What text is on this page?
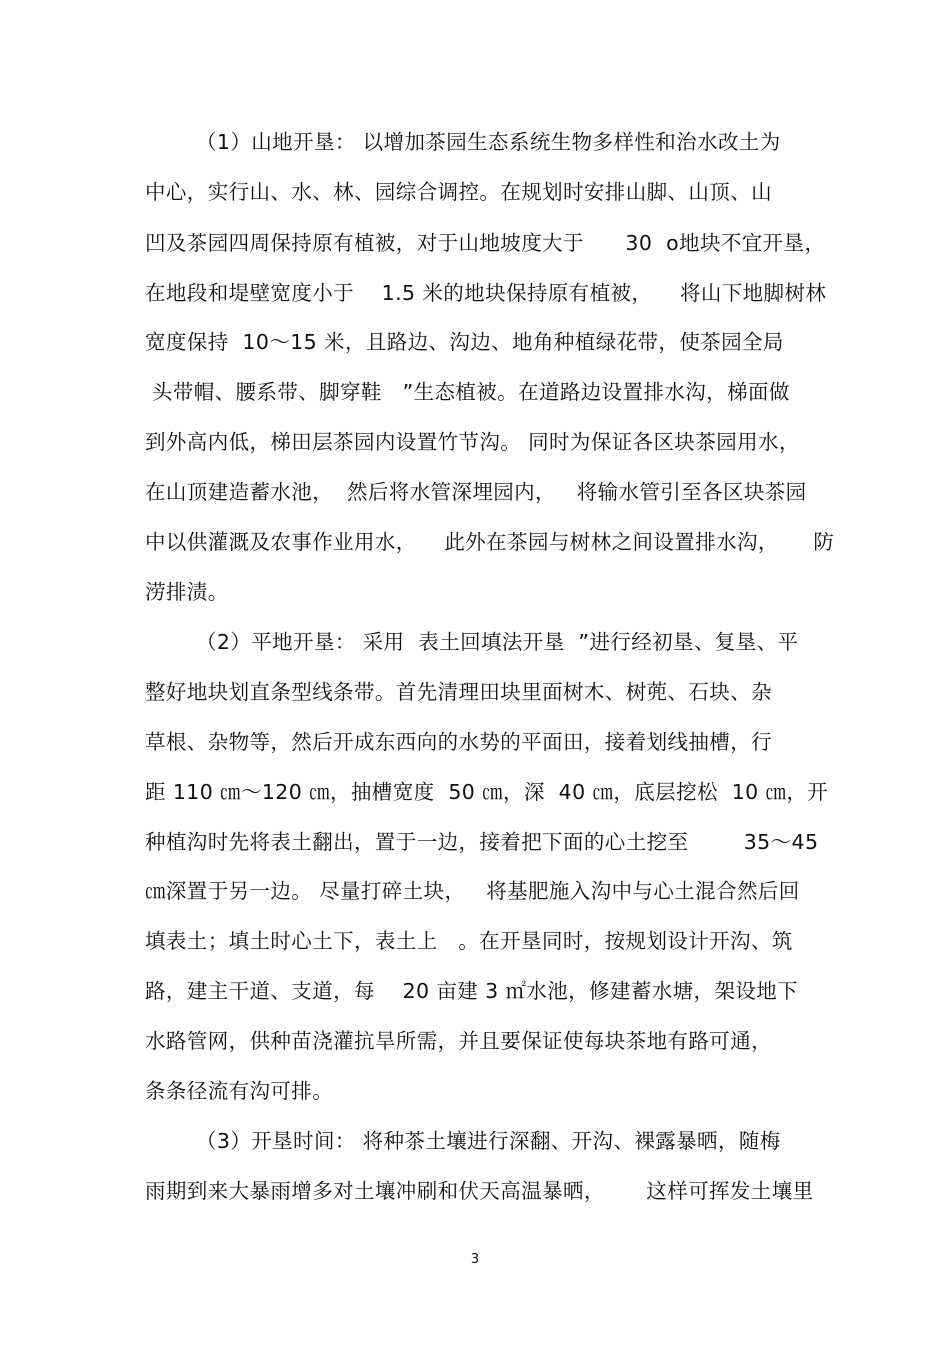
（1）山地开垦： 以增加茶园生态系统生物多样性和治水改土为
中心，实行山、水、林、园综合调控。在规划时安排山脚、山顶、山
凹及茶园四周保持原有植被，对于山地坡度大于      30  o地块不宜开垦，
在地段和堤壁宽度小于    1.5 米的地块保持原有植被，    将山下地脚树林
宽度保持  10～15 米，且路边、沟边、地角种植绿花带，使茶园全局
头带帽、腰系带、脚穿鞋   ”生态植被。在道路边设置排水沟，梯面做
到外高内低，梯田层茶园内设置竹节沟。 同时为保证各区块茶园用水，
在山顶建造蓄水池，  然后将水管深埋园内，   将输水管引至各区块茶园
中以供灌溉及农事作业用水，    此外在茶园与树林之间设置排水沟，     防
涝排渍。
（2）平地开垦： 采用  表土回填法开垦  ”进行经初垦、复垦、平
整好地块划直条型线条带。首先清理田块里面树木、树蔸、石块、杂
草根、杂物等，然后开成东西向的水势的平面田，接着划线抽槽，行
距 110 ㎝～120 ㎝，抽槽宽度  50 ㎝，深  40 ㎝，底层挖松  10 ㎝，开
种植沟时先将表土翻出，置于一边，接着把下面的心土挖至        35～45
㎝深置于另一边。 尽量打碎土块，   将基肥施入沟中与心土混合然后回
填表土；填土时心土下，表土上   。在开垦同时，按规划设计开沟、筑
路，建主干道、支道，每    20 亩建 3 ㎡水池，修建蓄水塘，架设地下
水路管网，供种苗浇灌抗旱所需，并且要保证使每块茶地有路可通，
条条径流有沟可排。
（3）开垦时间： 将种茶土壤进行深翻、开沟、裸露暴晒，随梅
雨期到来大暴雨增多对土壤冲刷和伏天高温暴晒，      这样可挥发土壤里
3
